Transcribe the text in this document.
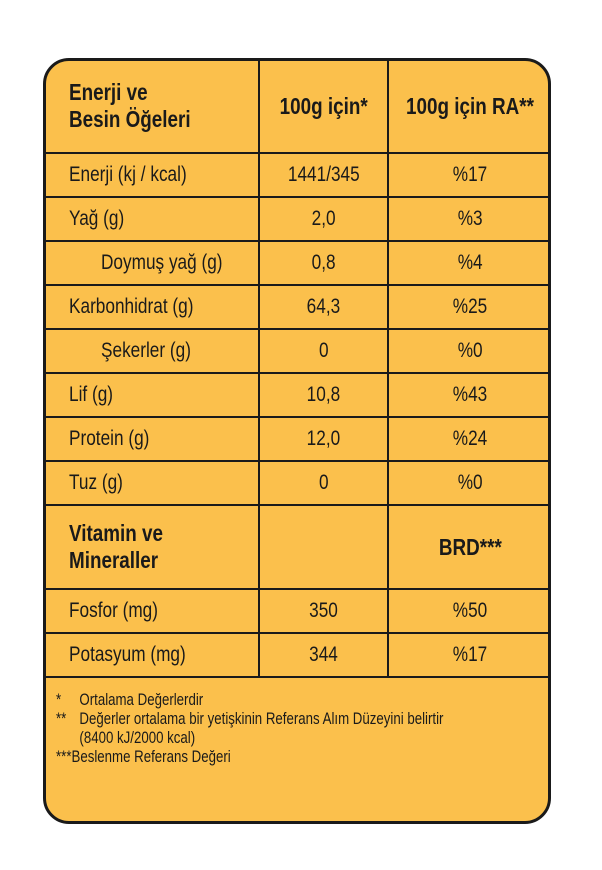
Enerji ve
Besin Öğeleri	100g için*	100g için RA**
Enerji (kj / kcal)	1441/345	%17
Yağ (g)	2,0	%3
Doymuş yağ (g)	0,8	%4
Karbonhidrat (g)	64,3	%25
Şekerler (g)	0	%0
Lif (g)	10,8	%43
Protein (g)	12,0	%24
Tuz (g)	0	%0
Vitamin ve
Mineraller		BRD***
Fosfor (mg)	350	%50
Potasyum (mg)	344	%17

* Ortalama Değerlerdir
** Değerler ortalama bir yetişkinin Referans Alım Düzeyini belirtir
(8400 kJ/2000 kcal)
***Beslenme Referans Değeri		
